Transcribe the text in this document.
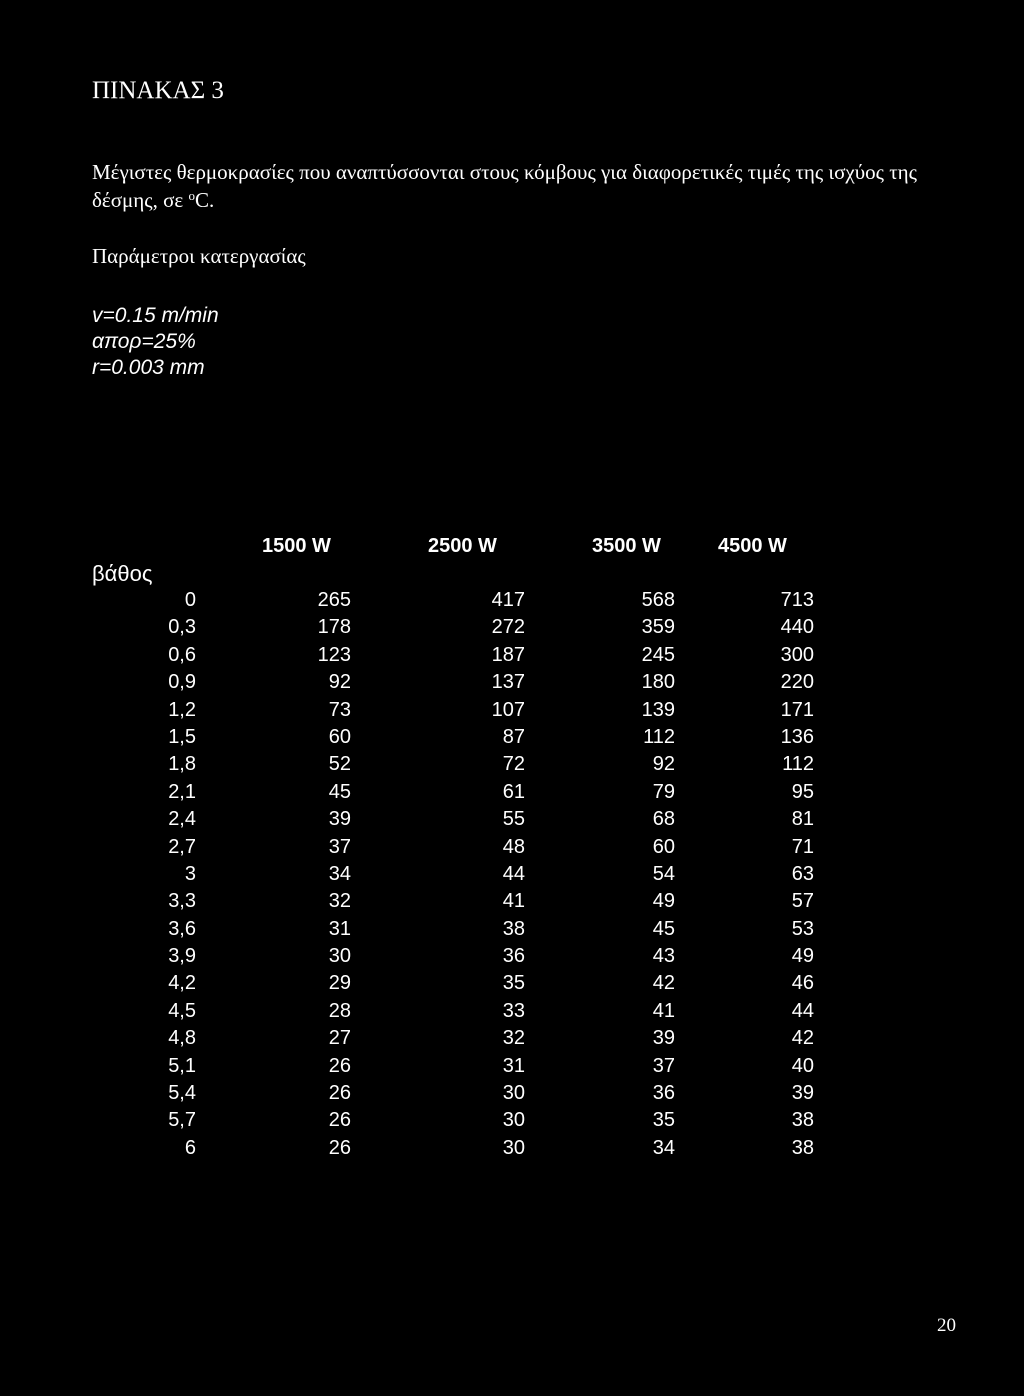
ΠΙΝΑΚΑΣ 3
Μέγιστες θερμοκρασίες που αναπτύσσονται στους κόμβους για διαφορετικές τιμές της ισχύος της δέσμης, σε $^o$C.
Παράμετροι κατεργασίας
v=0.15 m/min
απορ=25%
r=0.003 mm
1500 W	2500 W	3500 W	4500 W
βάθος
0	265	417	568	713
0,3	178	272	359	440
0,6	123	187	245	300
0,9	92	137	180	220
1,2	73	107	139	171
1,5	60	87	112	136
1,8	52	72	92	112
2,1	45	61	79	95
2,4	39	55	68	81
2,7	37	48	60	71
3	34	44	54	63
3,3	32	41	49	57
3,6	31	38	45	53
3,9	30	36	43	49
4,2	29	35	42	46
4,5	28	33	41	44
4,8	27	32	39	42
5,1	26	31	37	40
5,4	26	30	36	39
5,7	26	30	35	38
6	26	30	34	38
20
